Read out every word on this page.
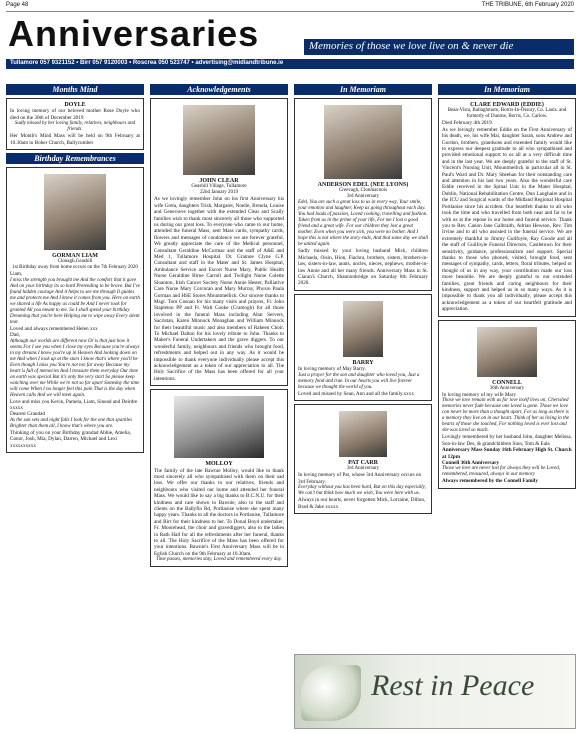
Page 48	THE TRIBUNE, 6th February 2020
Anniversaries	Memories of those we love live on & never die
Tullamore 057 9321152 • Birr 057 9120003 • Roscrea 050 523747 • advertising@midlandtribune.ie
Months Mind
DOYLE

In loving memory of our beloved mother Rose Doyle who died on the 30th of December 2019

Sadly missed by her loving family, relatives, neighbours and friends.

Her Month's Mind Mass will be held on 9th February at 10.30am in Boher Church, Ballycumber

Birthday Remembrances
GORMAN LIAM
Clonagh,Geashill
1st Birthday away from home occurs on the 7th February 2020

Liam,

I miss the strength you brought me And the comfort that it gave And on your birthday its so hard Pretending to be brave. But I've found hidden courage And it helps to see me through It guides me and protects me And I know it comes from you. Here on earth we shared a life As happy as could be And I never took for granted All you meant to me. So I shall spend your birthday Dreaming that you're here Helping me to wipe away Every silent tear.

Loved and always remembered Helen xxx

Dad,

Although our worlds are different now Or is that just how it seems For I see you when I close my eyes Because you're always in my dreams I know you're up in Heaven And looking down on me And when I look up at the stars I know that's where you'll be Even though I miss you You're not too far away Because my heart is full of memories And I treasure them everyday Our time on earth was special But it's only the very start So please keep watching over me While we're not so far apart Someday the time will come When I no longer feel this pain That is the day when Heaven calls And we will meet again.

Love and miss you Kevin, Pamela, Liam, Sinead and Deirdre xxxxx

Dearest Grandad

As the sun sets and night falls I look for the one that sparkles Brighter than them all, I know that's where you are.

Thinking of you on your Birthday grandad Abbie, Amelia, Conor, Josh, Mia, Dylan, Darren, Michael and Lexi xxxxxxxxxx

Acknowledgements
JOHN CLEAR
Geashill Village, Tullamore
22nd January 2019

As we lovingly remember John on his first Anniversary his wife Greta, daughters Trish, Margaret, Noelle, Brenda, Louise and Genevieve together with the extended Clear and Scally families wish to thank most sincerely all those who supported us during our great loss. To everyone who came to our home, attended the funeral Mass, sent Mass cards, sympathy cards, flowers and messages of condolence we are forever grateful. We greatly appreciate the care of the Medical personnel, Consultant Geraldine McCormac and the staff of A&E and Med 1, Tullamore Hospital. Dr. Grainne Clyne G.P. Consultant and staff in the Mater and St. James Hospital, Ambulance Service and Escort Nurse Mary, Public Health Nurse Geraldine Birne Carroll and Twilight Nurse Colette Sloanton, Irish Cancer Society Nurse Annie Hester, Palliative Care Nurse Mary Corcoran and Mary Murray, Physio Paula Gorman and HSE Stores Mountmellick. Our sincere thanks to Msgr. Tom Cosnan for his many visits and prayers, Fr. John Stapleton PP and Fr. Walt Cooke (Cramogh) for all those involved in the funeral Mass including Altar Servers, Sacristan, Karen Minnock Monaghan and William Minnock for their beautiful music and also members of Raheen Choir. To Michael Dalton for his lovely tribute to John. Thanks to Maher's Funeral Undertakers and the grave diggers. To our wonderful family, neighbours and friends who brought food, refreshments and helped out in any way. As it would be impossible to thank everyone individually please accept this acknowledgement as a token of our appreciation to all. The Holy Sacrifice of the Mass has been offered for all your intentions.

MOLLOY

The family of the late Bawnie Molloy, would like to thank most sincerely all who sympathised with them on their sad loss. We offer our thanks to our relatives, friends and neighbours who visited our home and attended her funeral Mass. We would like to say a big thanks to B.C.N.U. for their kindness and care shown to Bawnie, also to the staff and clients on the Ballyfin Rd, Portlaoise where she spent many happy years. Thanks to all the doctors in Portlaoise, Tullamore and Birr for their kindness to her. To Donal Boyd undertaker, Fr. Moorehead, the choir and gravediggers, also to the ladies in Rath Hall for all the refreshments after her funeral, thanks to all. The Holy Sacrifice of the Mass has been offered for your intentions. Bawnie's First Anniversary Mass will be in Eglish Church on the 9th February at 10.30am.

Time passes, memories stay, Loved and remembered every day.

In Memoriam
ANDERSON EDEL (NEE LYONS)
Creevagh, Clonmacnois
3rd Anniversary

Edel, You are such a great loss to us in every way, Your smile, your emotion and laughter, Keep us going throughout each day. You had loads of passion, Loved cooking, travelling and fashion. Taken from us in the prime of your life, For me I lost a good friend and a great wife. For our children they lost a great mother. Even when you were sick, you were no bother. And I hope this is not where the story ends, And that some day we shall be united again.

Sadly missed by your loving husband Mick, children Michaela, Oisin, Hion, Fiachra, brothers, sisters, brothers-in-law, sisters-in-law, aunts, uncles, nieces, nephews, mother-in-law Annie and all her many friends. Anniversary Mass in St. Ciaran's Church, Shannonbridge on Saturday 8th February 2020.

BARRY

In loving memory of May Barry.

Just a prayer for the son and daughter who loved you, Just a memory fond and true. In our hearts you will live forever because we thought the world of you.

Loved and missed by Sean, Ann and all the family.xxxx

PAT CARR
3rd Anniversary

In loving memory of Pat, whose 3rd Anniversary occurs on 3rd February.

Everyday without you has been hard, But on this day especially, We can't but think how much we wish, You were here with us.

Always in our hearts, never forgotten Mick, Lorraine, Dillon, Brad & Jake xxxxx

In Memoriam
CLARE EDWARD (EDDIE)

Bean-Vista, Ballaghmore, Borris-In-Ossory, Co. Laois. and formerly of Dunrne, Borris, Co. Carlow.

Died February 4th 2019.

As we lovingly remember Eddie on the First Anniversary of his death, we, his wife Mai, daughter Sarah, sons Andrew and Gordon, brothers, grandsons and extended family would like to express our deepest gratitude to all who sympathised and provided emotional support to us all at a very difficult time and in the last year. We are deeply grateful to the staff of St. Vincent's Nursing Unit, Mountmellick in particular all in St. Paul's Ward and Dr. Mary Sheehan for their outstanding care and attention in his last two years. Also the wonderful care Eddie received in the Spinal Unit in the Mater Hospital, Dublin, National Rehabilitation Centre, Dun Laoghaire and in the ICU and Surgical wards of the Midland Regional Hospital Portlaoise since his accident. Our heartfelt thanks to all who took the time and who travelled from both near and far to be with us at the repose in our home and funeral service. Thank you to Rev. Canon Jane Galbraith, Adrian Hewson, Rev. Tim Irvine and to all who assisted in the funeral service. We are extremely thankful to Jimmy Guilfoyle, Ray Goode and all the staff of Guilfoyle Funeral Directors, Castletown for their sensitivity, guidance, professionalism and support. Special thanks to those who phoned, visited, brought food, sent messages of sympathy, cards, letters, floral tributes, helped or thought of us in any way, your contribution made our loss more bearable. We are deeply grateful to our extended families, great friends and caring neighbours for their kindness, support and helped us in so many ways. As it is impossible to thank you all individually, please accept this acknowledgement as a token of our heartfelt gratitude and appreciation.

CONNELL
36th Anniversary

In loving memory of my wife Mary

Those we love remain with us for love itself lives on, Cherished memories never fade because one loved is gone. Those we love can never be more than a thought apart, For as long as there is a memory they live on in our heart. Think of her as living in the hearts of those she touched, For nothing loved is ever lost and she was loved so much.

Lovingly remembered by her husband John, daughter Melissa, Son-in-law Des, & grandchildren Sion, Tom & Eala

Anniversary Mass Sunday 16th February High St. Church at 12pm

Connell 36th Anniversary

Those we love are never lost for always they will be Loved, remembered, treasured, always in our memory

Always remembered by the Connell Family

Rest in Peace
